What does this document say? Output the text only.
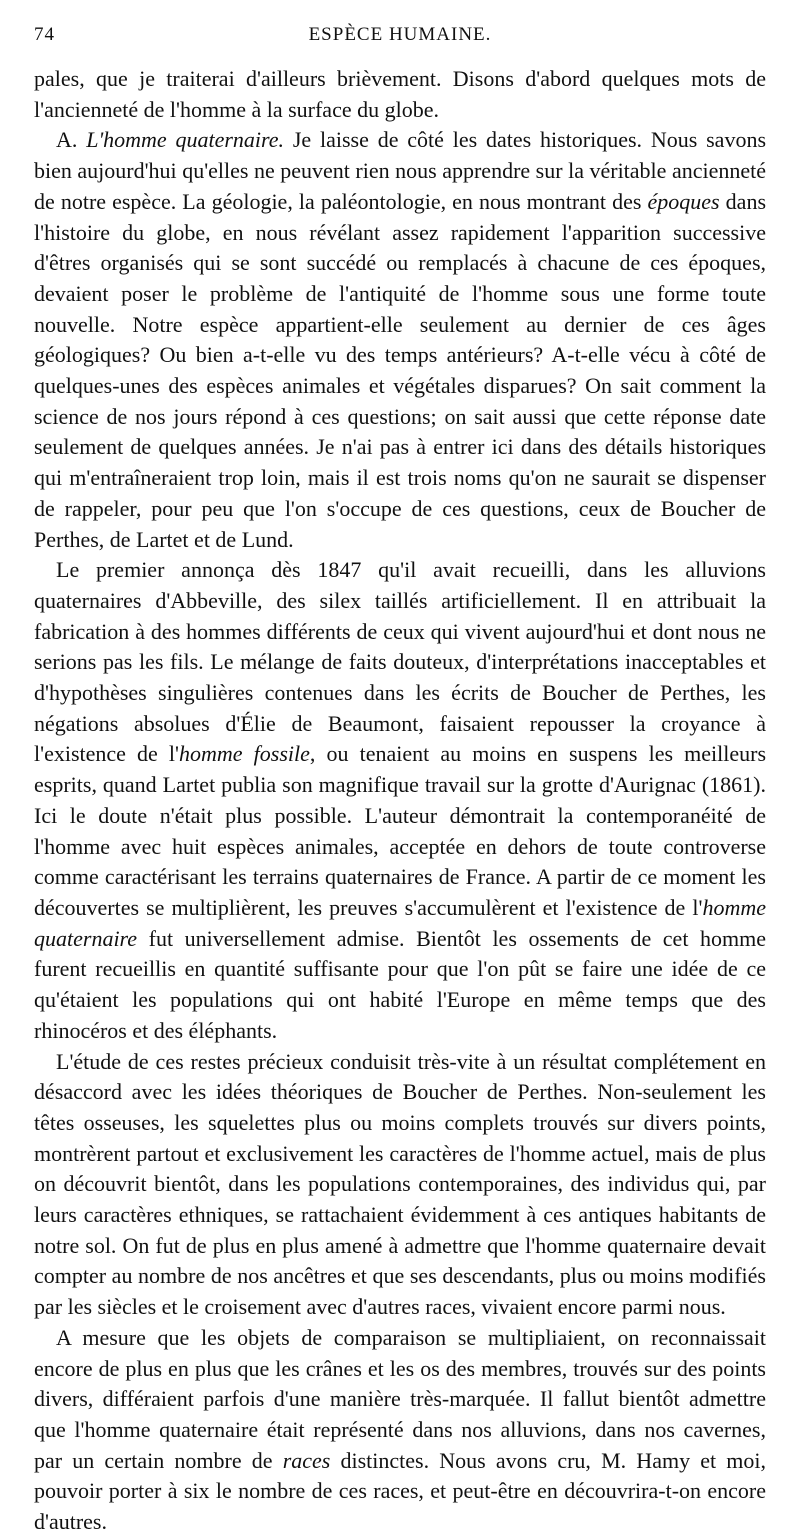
74	ESPÈCE HUMAINE.

pales, que je traiterai d'ailleurs brièvement. Disons d'abord quelques mots de l'ancienneté de l'homme à la surface du globe.

A. L'homme quaternaire. Je laisse de côté les dates historiques. Nous savons bien aujourd'hui qu'elles ne peuvent rien nous apprendre sur la véritable ancienneté de notre espèce. La géologie, la paléontologie, en nous montrant des époques dans l'histoire du globe, en nous révélant assez rapidement l'apparition successive d'êtres organisés qui se sont succédé ou remplacés à chacune de ces époques, devaient poser le problème de l'antiquité de l'homme sous une forme toute nouvelle. Notre espèce appartient-elle seulement au dernier de ces âges géologiques? Ou bien a-t-elle vu des temps antérieurs? A-t-elle vécu à côté de quelques-unes des espèces animales et végétales disparues? On sait comment la science de nos jours répond à ces questions; on sait aussi que cette réponse date seulement de quelques années. Je n'ai pas à entrer ici dans des détails historiques qui m'entraîneraient trop loin, mais il est trois noms qu'on ne saurait se dispenser de rappeler, pour peu que l'on s'occupe de ces questions, ceux de Boucher de Perthes, de Lartet et de Lund.

Le premier annonça dès 1847 qu'il avait recueilli, dans les alluvions quaternaires d'Abbeville, des silex taillés artificiellement. Il en attribuait la fabrication à des hommes différents de ceux qui vivent aujourd'hui et dont nous ne serions pas les fils. Le mélange de faits douteux, d'interprétations inacceptables et d'hypothèses singulières contenues dans les écrits de Boucher de Perthes, les négations absolues d'Élie de Beaumont, faisaient repousser la croyance à l'existence de l'homme fossile, ou tenaient au moins en suspens les meilleurs esprits, quand Lartet publia son magnifique travail sur la grotte d'Aurignac (1861). Ici le doute n'était plus possible. L'auteur démontrait la contemporanéité de l'homme avec huit espèces animales, acceptée en dehors de toute controverse comme caractérisant les terrains quaternaires de France. A partir de ce moment les découvertes se multiplièrent, les preuves s'accumulèrent et l'existence de l'homme quaternaire fut universellement admise. Bientôt les ossements de cet homme furent recueillis en quantité suffisante pour que l'on pût se faire une idée de ce qu'étaient les populations qui ont habité l'Europe en même temps que des rhinocéros et des éléphants.

L'étude de ces restes précieux conduisit très-vite à un résultat complétement en désaccord avec les idées théoriques de Boucher de Perthes. Non-seulement les têtes osseuses, les squelettes plus ou moins complets trouvés sur divers points, montrèrent partout et exclusivement les caractères de l'homme actuel, mais de plus on découvrit bientôt, dans les populations contemporaines, des individus qui, par leurs caractères ethniques, se rattachaient évidemment à ces antiques habitants de notre sol. On fut de plus en plus amené à admettre que l'homme quaternaire devait compter au nombre de nos ancêtres et que ses descendants, plus ou moins modifiés par les siècles et le croisement avec d'autres races, vivaient encore parmi nous.

A mesure que les objets de comparaison se multipliaient, on reconnaissait encore de plus en plus que les crânes et les os des membres, trouvés sur des points divers, différaient parfois d'une manière très-marquée. Il fallut bientôt admettre que l'homme quaternaire était représenté dans nos alluvions, dans nos cavernes, par un certain nombre de races distinctes. Nous avons cru, M. Hamy et moi, pouvoir porter à six le nombre de ces races, et peut-être en découvrira-t-on encore d'autres.
